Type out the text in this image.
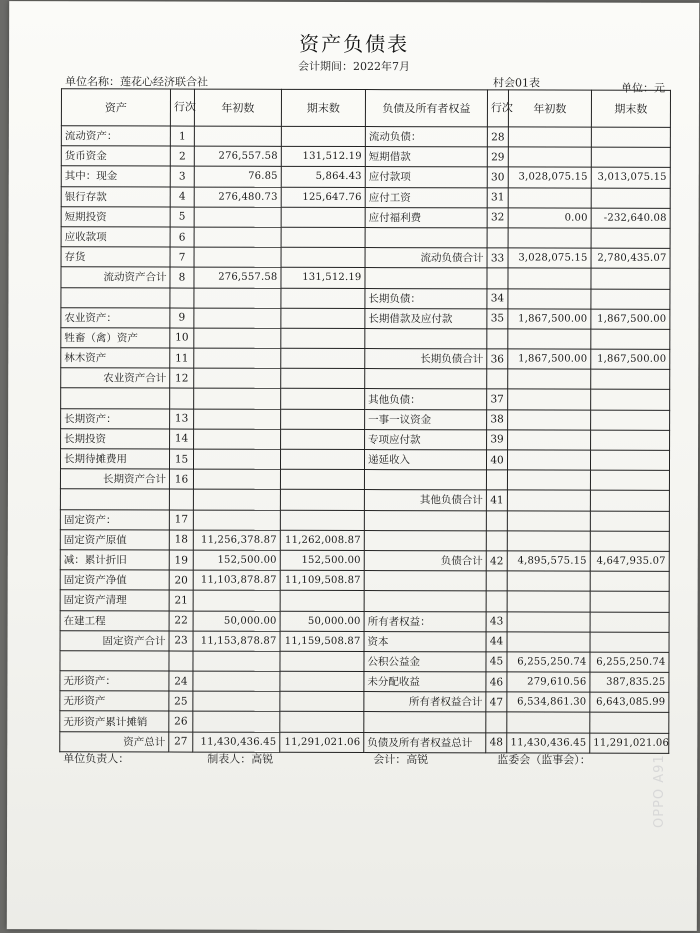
资产负债表
会计期间：2022年7月
单位名称：莲花心经济联合社	村会01表	单位：元
资产	行次	年初数	期末数	负债及所有者权益	行次	年初数	期末数
流动资产：	1			流动负债：	28		
货币资金	2	276,557.58	131,512.19	短期借款	29		
其中：现金	3	76.85	5,864.43	应付款项	30	3,028,075.15	3,013,075.15
银行存款	4	276,480.73	125,647.76	应付工资	31		
短期投资	5			应付福利费	32	0.00	-232,640.08
应收款项	6						
存货	7			流动负债合计	33	3,028,075.15	2,780,435.07
流动资产合计	8	276,557.58	131,512.19				
				长期负债：	34		
农业资产：	9			长期借款及应付款	35	1,867,500.00	1,867,500.00
牲畜（禽）资产	10						
林木资产	11			长期负债合计	36	1,867,500.00	1,867,500.00
农业资产合计	12						
				其他负债：	37		
长期资产：	13			一事一议资金	38		
长期投资	14			专项应付款	39		
长期待摊费用	15			递延收入	40		
长期资产合计	16						
				其他负债合计	41		
固定资产：	17						
固定资产原值	18	11,256,378.87	11,262,008.87				
减：累计折旧	19	152,500.00	152,500.00	负债合计	42	4,895,575.15	4,647,935.07
固定资产净值	20	11,103,878.87	11,109,508.87				
固定资产清理	21						
在建工程	22	50,000.00	50,000.00	所有者权益：	43		
固定资产合计	23	11,153,878.87	11,159,508.87	资本	44		
				公积公益金	45	6,255,250.74	6,255,250.74
无形资产：	24			未分配收益	46	279,610.56	387,835.25
无形资产	25			所有者权益合计	47	6,534,861.30	6,643,085.99
无形资产累计摊销	26						
资产总计	27	11,430,436.45	11,291,021.06	负债及所有者权益总计	48	11,430,436.45	11,291,021.06
单位负责人：	制表人：高锐	会计：高锐	监委会（监事会）：	OPPO A91
